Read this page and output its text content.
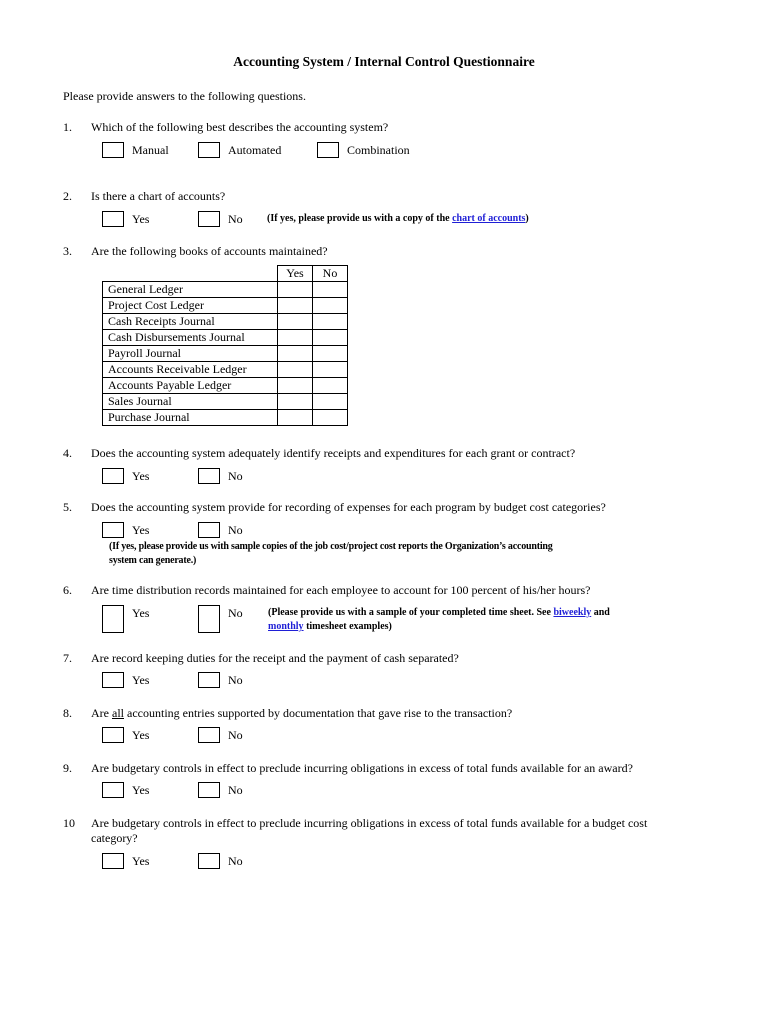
Accounting System / Internal Control Questionnaire
Please provide answers to the following questions.
1. Which of the following best describes the accounting system?
Manual	Automated	Combination
2. Is there a chart of accounts?
Yes	No (If yes, please provide us with a copy of the chart of accounts)
3. Are the following books of accounts maintained?
	Yes	No
General Ledger		
Project Cost Ledger		
Cash Receipts Journal		
Cash Disbursements Journal		
Payroll Journal		
Accounts Receivable Ledger		
Accounts Payable Ledger		
Sales Journal		
Purchase Journal		
4. Does the accounting system adequately identify receipts and expenditures for each grant or contract?
Yes	No
5. Does the accounting system provide for recording of expenses for each program by budget cost categories?
Yes	No
(If yes, please provide us with sample copies of the job cost/project cost reports the Organization’s accounting
system can generate.)
6. Are time distribution records maintained for each employee to account for 100 percent of his/her hours?
Yes	No	(Please provide us with a sample of your completed time sheet. See biweekly and
monthly timesheet examples)
7. Are record keeping duties for the receipt and the payment of cash separated?
Yes	No
8. Are all accounting entries supported by documentation that gave rise to the transaction?
Yes	No
9. Are budgetary controls in effect to preclude incurring obligations in excess of total funds available for an award?
Yes	No
10 Are budgetary controls in effect to preclude incurring obligations in excess of total funds available for a budget cost category?
Yes	No
